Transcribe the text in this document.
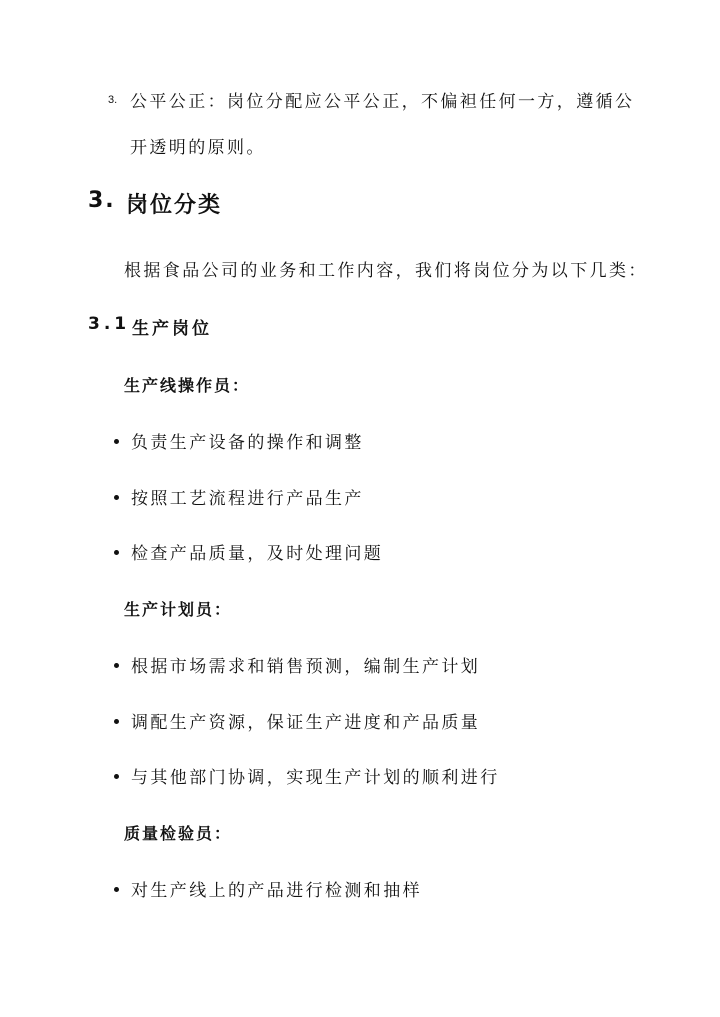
3. 公平公正：岗位分配应公平公正，不偏袒任何一方，遵循公
开透明的原则。
3. 岗位分类
根据食品公司的业务和工作内容，我们将岗位分为以下几类：
3.1 生产岗位
生产线操作员：
负责生产设备的操作和调整
按照工艺流程进行产品生产
检查产品质量，及时处理问题
生产计划员：
根据市场需求和销售预测，编制生产计划
调配生产资源，保证生产进度和产品质量
与其他部门协调，实现生产计划的顺利进行
质量检验员：
对生产线上的产品进行检测和抽样
